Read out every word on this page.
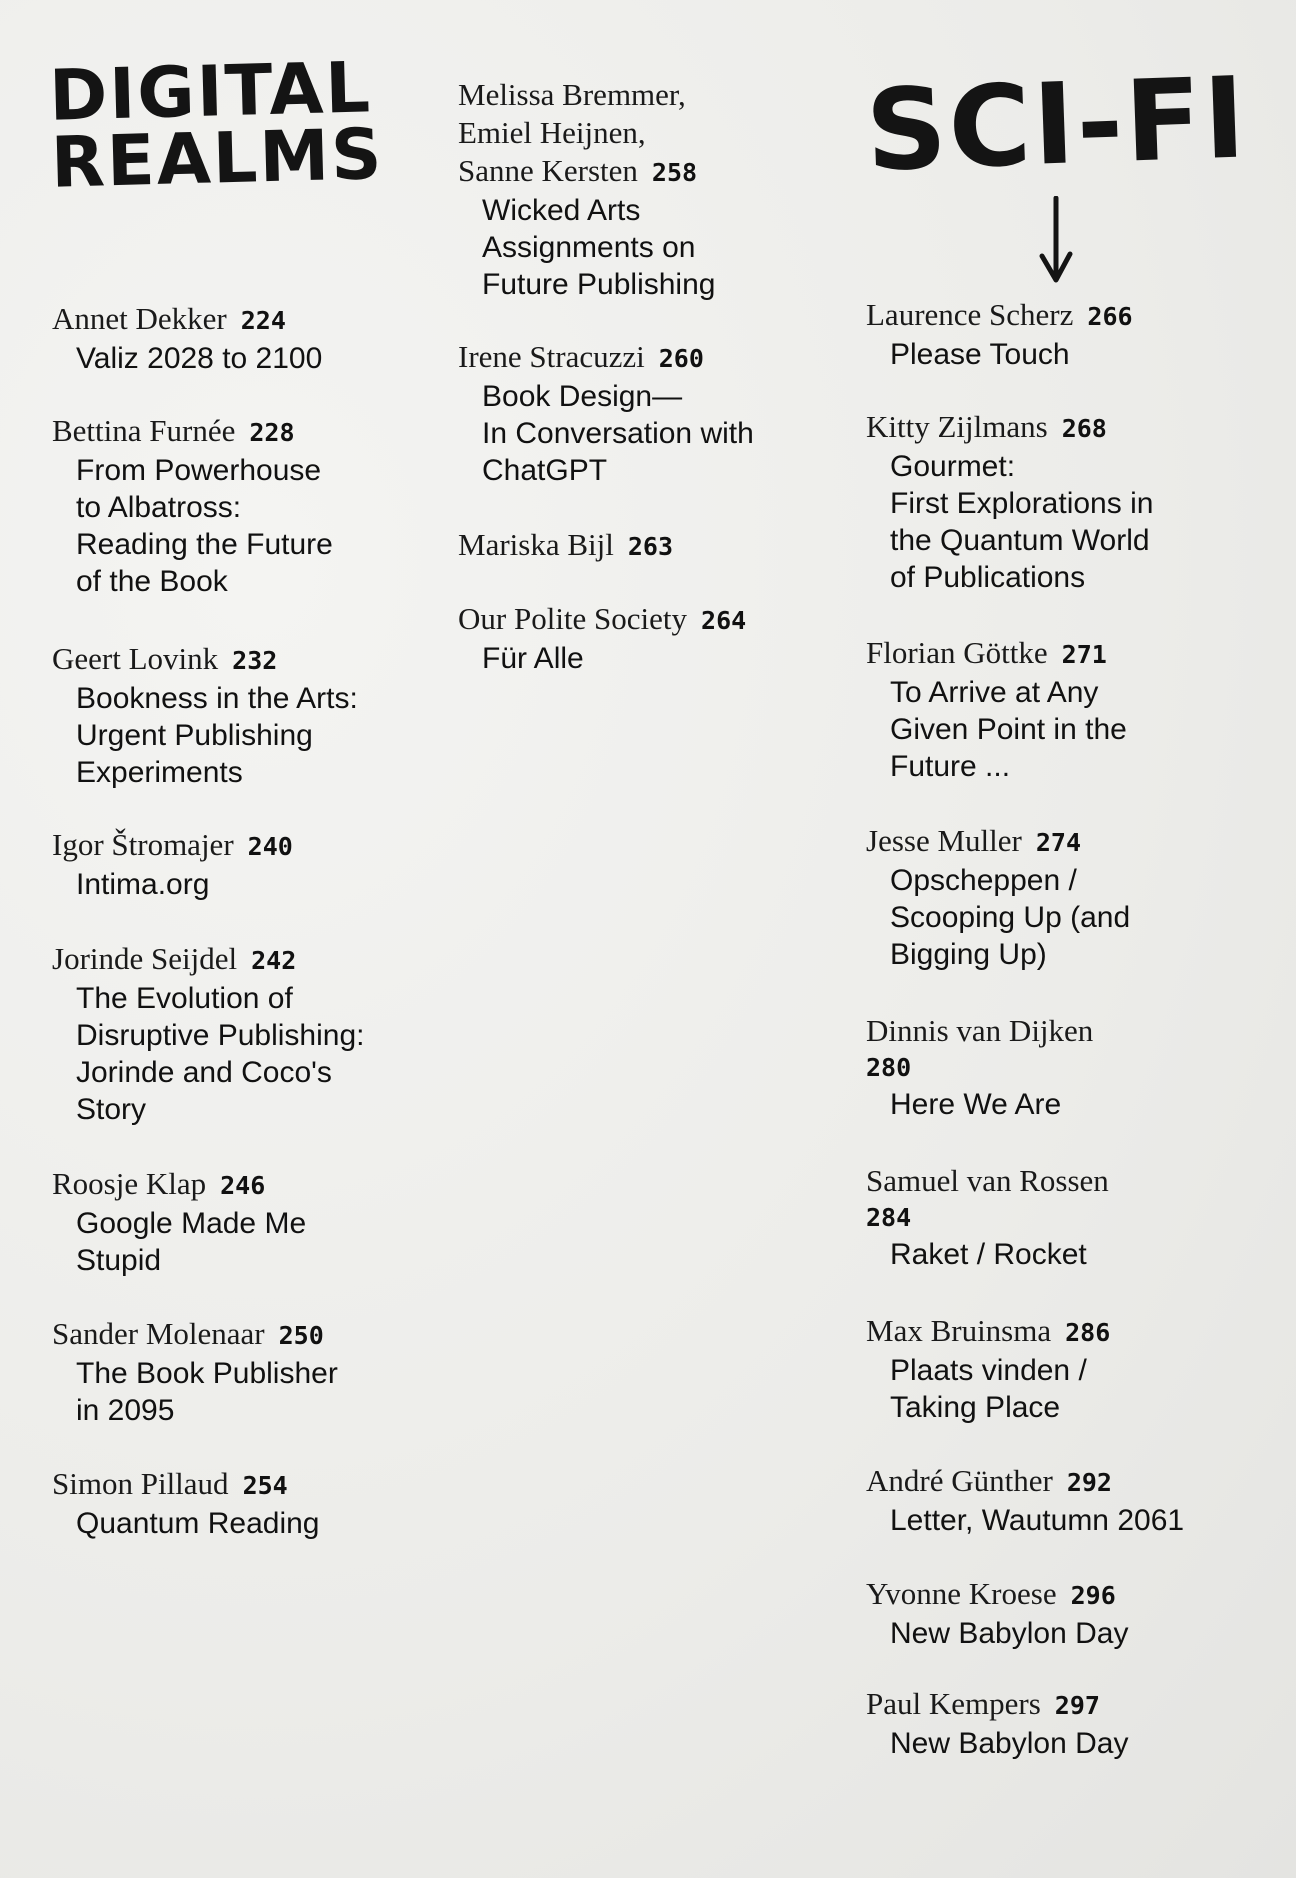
DIGITAL
REALMS	SCI-FI
Annet Dekker 224
Valiz 2028 to 2100
Bettina Furnée 228
From Powerhouse
to Albatross:
Reading the Future
of the Book
Geert Lovink 232
Bookness in the Arts:
Urgent Publishing
Experiments
Igor Štromajer 240
Intima.org
Jorinde Seijdel 242
The Evolution of
Disruptive Publishing:
Jorinde and Coco's
Story
Roosje Klap 246
Google Made Me
Stupid
Sander Molenaar 250
The Book Publisher
in 2095
Simon Pillaud 254
Quantum Reading
Melissa Bremmer,
Emiel Heijnen,
Sanne Kersten 258
Wicked Arts
Assignments on
Future Publishing
Irene Stracuzzi 260
Book Design—
In Conversation with
ChatGPT
Mariska Bijl 263
Our Polite Society 264
Für Alle
Laurence Scherz 266
Please Touch
Kitty Zijlmans 268
Gourmet:
First Explorations in
the Quantum World
of Publications
Florian Göttke 271
To Arrive at Any
Given Point in the
Future ...
Jesse Muller 274
Opscheppen /
Scooping Up (and
Bigging Up)
Dinnis van Dijken
280
Here We Are
Samuel van Rossen
284
Raket / Rocket
Max Bruinsma 286
Plaats vinden /
Taking Place
André Günther 292
Letter, Wautumn 2061
Yvonne Kroese 296
New Babylon Day
Paul Kempers 297
New Babylon Day
